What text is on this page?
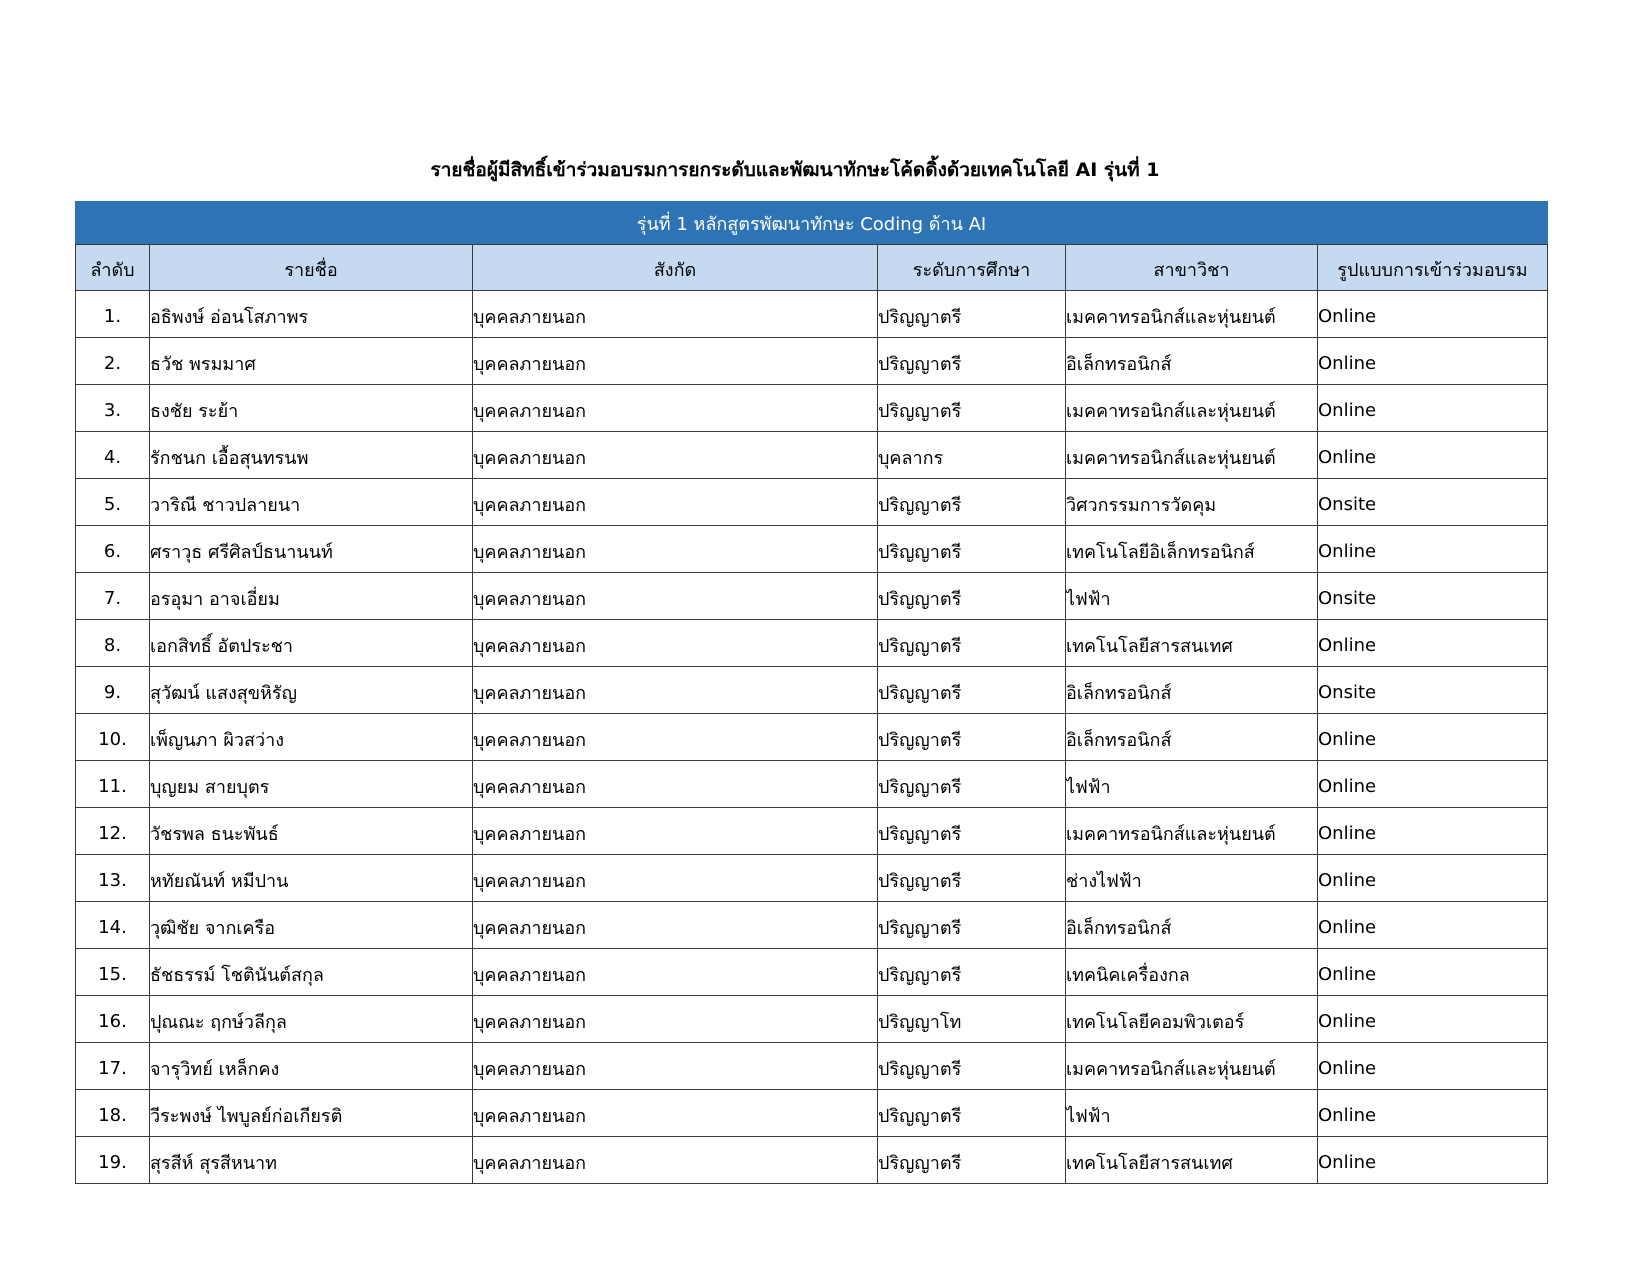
รายชื่อผู้มีสิทธิ์เข้าร่วมอบรมการยกระดับและพัฒนาทักษะโค้ดดิ้งด้วยเทคโนโลยี AI รุ่นที่ 1
รุ่นที่ 1 หลักสูตรพัฒนาทักษะ Coding ด้าน AI					
ลำดับ	รายชื่อ	สังกัด	ระดับการศึกษา	สาขาวิชา	รูปแบบการเข้าร่วมอบรม
1.	อธิพงษ์ อ่อนโสภาพร	บุคคลภายนอก	ปริญญาตรี	เมคคาทรอนิกส์และหุ่นยนต์	Online
2.	ธวัช พรมมาศ	บุคคลภายนอก	ปริญญาตรี	อิเล็กทรอนิกส์	Online
3.	ธงชัย ระย้า	บุคคลภายนอก	ปริญญาตรี	เมคคาทรอนิกส์และหุ่นยนต์	Online
4.	รักชนก เอื้อสุนทรนพ	บุคคลภายนอก	บุคลากร	เมคคาทรอนิกส์และหุ่นยนต์	Online
5.	วาริณี ชาวปลายนา	บุคคลภายนอก	ปริญญาตรี	วิศวกรรมการวัดคุม	Onsite
6.	ศราวุธ ศรีศิลป์ธนานนท์	บุคคลภายนอก	ปริญญาตรี	เทคโนโลยีอิเล็กทรอนิกส์	Online
7.	อรอุมา อาจเอี่ยม	บุคคลภายนอก	ปริญญาตรี	ไฟฟ้า	Onsite
8.	เอกสิทธิ์ อัตประชา	บุคคลภายนอก	ปริญญาตรี	เทคโนโลยีสารสนเทศ	Online
9.	สุวัฒน์ แสงสุขหิรัญ	บุคคลภายนอก	ปริญญาตรี	อิเล็กทรอนิกส์	Onsite
10.	เพ็ญนภา ผิวสว่าง	บุคคลภายนอก	ปริญญาตรี	อิเล็กทรอนิกส์	Online
11.	บุญยม สายบุตร	บุคคลภายนอก	ปริญญาตรี	ไฟฟ้า	Online
12.	วัชรพล ธนะพันธ์	บุคคลภายนอก	ปริญญาตรี	เมคคาทรอนิกส์และหุ่นยนต์	Online
13.	หทัยณันท์ หมีปาน	บุคคลภายนอก	ปริญญาตรี	ช่างไฟฟ้า	Online
14.	วุฒิชัย จากเครือ	บุคคลภายนอก	ปริญญาตรี	อิเล็กทรอนิกส์	Online
15.	ธัชธรรม์ โชตินันต์สกุล	บุคคลภายนอก	ปริญญาตรี	เทคนิคเครื่องกล	Online
16.	ปุณณะ ฤกษ์วลีกุล	บุคคลภายนอก	ปริญญาโท	เทคโนโลยีคอมพิวเตอร์	Online
17.	จารุวิทย์ เหล็กคง	บุคคลภายนอก	ปริญญาตรี	เมคคาทรอนิกส์และหุ่นยนต์	Online
18.	วีระพงษ์ ไพบูลย์ก่อเกียรติ	บุคคลภายนอก	ปริญญาตรี	ไฟฟ้า	Online
19.	สุรสีห์ สุรสีหนาท	บุคคลภายนอก	ปริญญาตรี	เทคโนโลยีสารสนเทศ	Online
